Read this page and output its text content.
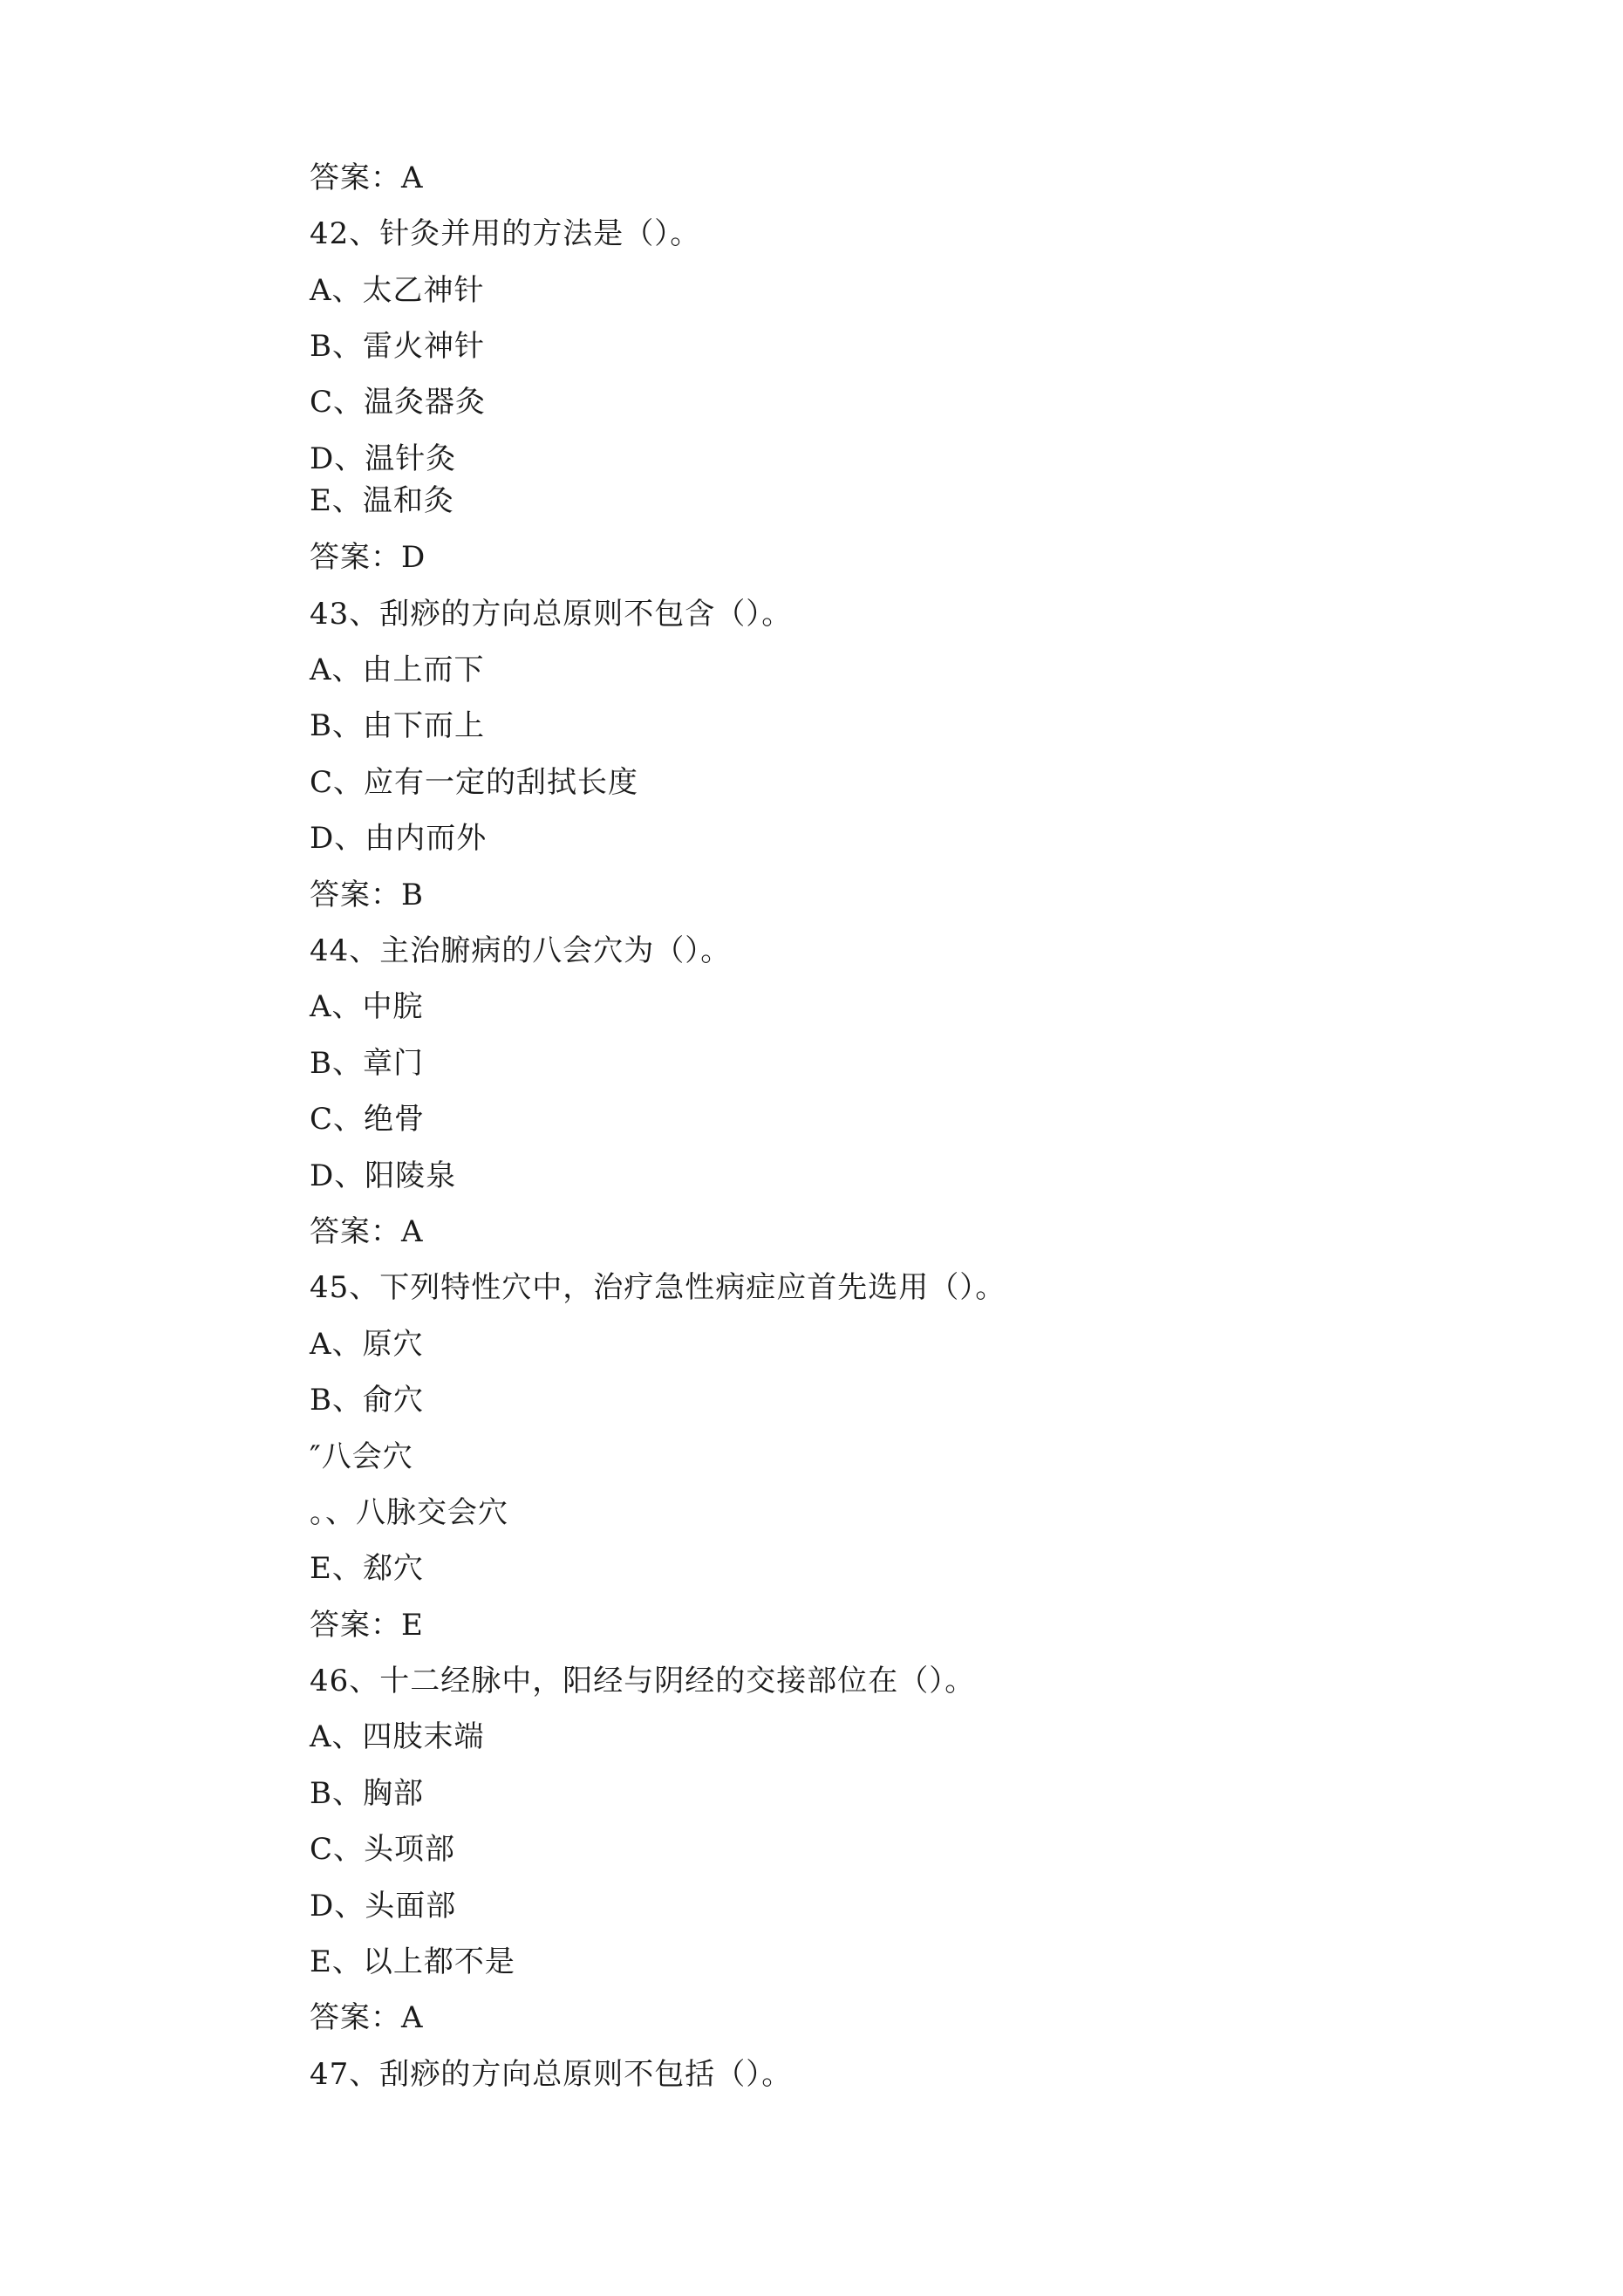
答案：A
42、针灸并用的方法是（）。
A、太乙神针
B、雷火神针
C、温灸器灸
D、温针灸
E、温和灸
答案：D
43、刮痧的方向总原则不包含（）。
A、由上而下
B、由下而上
C、应有一定的刮拭长度
D、由内而外
答案：B
44、主治腑病的八会穴为（）。
A、中脘
B、章门
C、绝骨
D、阳陵泉
答案：A
45、下列特性穴中，治疗急性病症应首先选用（）。
A、原穴
B、俞穴
″八会穴
。、八脉交会穴
E、郄穴
答案：E
46、十二经脉中，阳经与阴经的交接部位在（）。
A、四肢末端
B、胸部
C、头项部
D、头面部
E、以上都不是
答案：A
47、刮痧的方向总原则不包括（）。
